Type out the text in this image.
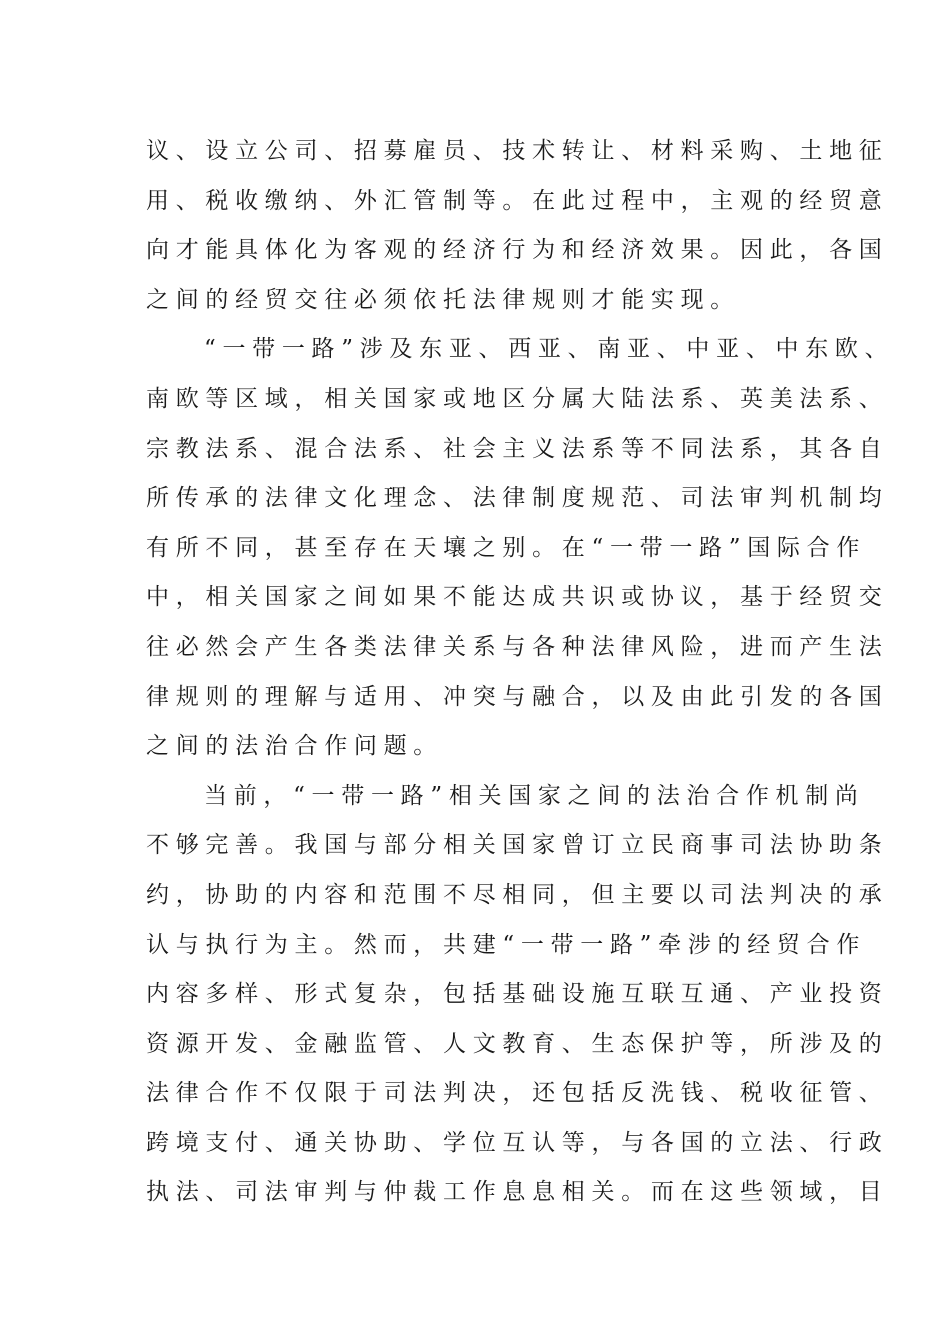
议、设立公司、招募雇员、技术转让、材料采购、土地征
用、税收缴纳、外汇管制等。在此过程中，主观的经贸意
向才能具体化为客观的经济行为和经济效果。因此，各国
之间的经贸交往必须依托法律规则才能实现。
“一带一路”涉及东亚、西亚、南亚、中亚、中东欧、
南欧等区域，相关国家或地区分属大陆法系、英美法系、
宗教法系、混合法系、社会主义法系等不同法系，其各自
所传承的法律文化理念、法律制度规范、司法审判机制均
有所不同，甚至存在天壤之别。在“一带一路”国际合作
中，相关国家之间如果不能达成共识或协议，基于经贸交
往必然会产生各类法律关系与各种法律风险，进而产生法
律规则的理解与适用、冲突与融合，以及由此引发的各国
之间的法治合作问题。
当前，“一带一路”相关国家之间的法治合作机制尚
不够完善。我国与部分相关国家曾订立民商事司法协助条
约，协助的内容和范围不尽相同，但主要以司法判决的承
认与执行为主。然而，共建“一带一路”牵涉的经贸合作
内容多样、形式复杂，包括基础设施互联互通、产业投资
资源开发、金融监管、人文教育、生态保护等，所涉及的
法律合作不仅限于司法判决，还包括反洗钱、税收征管、
跨境支付、通关协助、学位互认等，与各国的立法、行政
执法、司法审判与仲裁工作息息相关。而在这些领域，目
